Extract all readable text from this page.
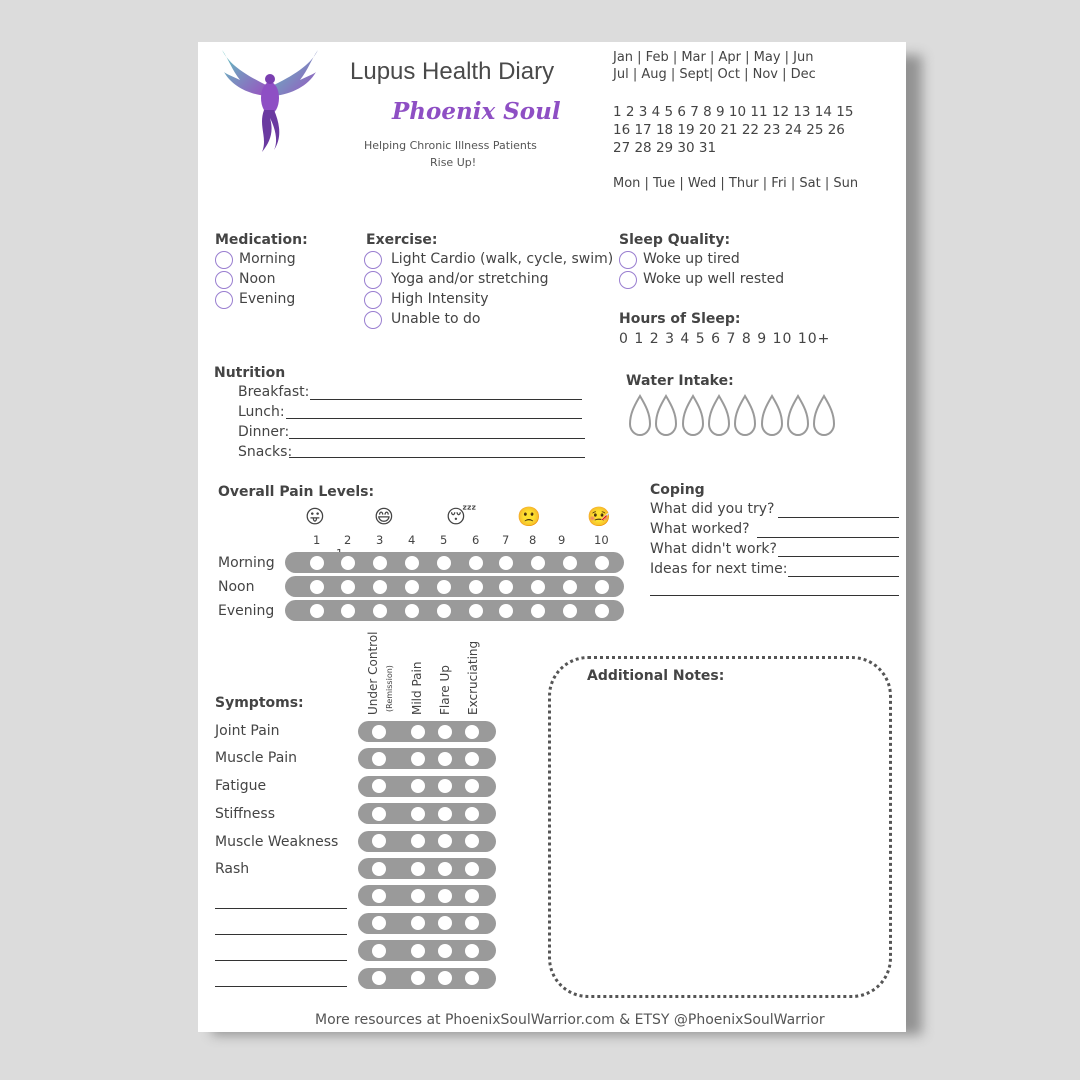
Lupus Health Diary
Phoenix Soul
Helping Chronic Illness Patients
Rise Up!
Jan | Feb | Mar | Apr | May | Jun
Jul | Aug | Sept| Oct | Nov | Dec
1 2 3 4 5 6 7 8 9 10 11 12 13 14 15
16 17 18 19 20 21 22 23 24 25 26
27 28 29 30 31
Mon | Tue | Wed | Thur | Fri | Sat | Sun
Medication:
Morning
Noon
Evening
Exercise:
Light Cardio (walk, cycle, swim)
Yoga and/or stretching
High Intensity
Unable to do
Sleep Quality:
Woke up tired
Woke up well rested
Hours of Sleep:
0 1 2 3 4 5 6 7 8 9 10 10+
Nutrition
Breakfast:
Lunch:
Dinner:
Snacks:
Water Intake:
Overall Pain Levels:
😛	😄	😴 🙁 🤒
1 2 3 4 5 6 7 8 9 10
Morning
Noon
Evening
Coping
What did you try?
What worked?
What didn't work?
Ideas for next time:
Under Control (Remission) Mild Pain Flare Up Excruciating
Symptoms:
Joint Pain
Muscle Pain
Fatigue
Stiffness
Muscle Weakness
Rash
Additional Notes:
More resources at PhoenixSoulWarrior.com & ETSY @PhoenixSoulWarrior
